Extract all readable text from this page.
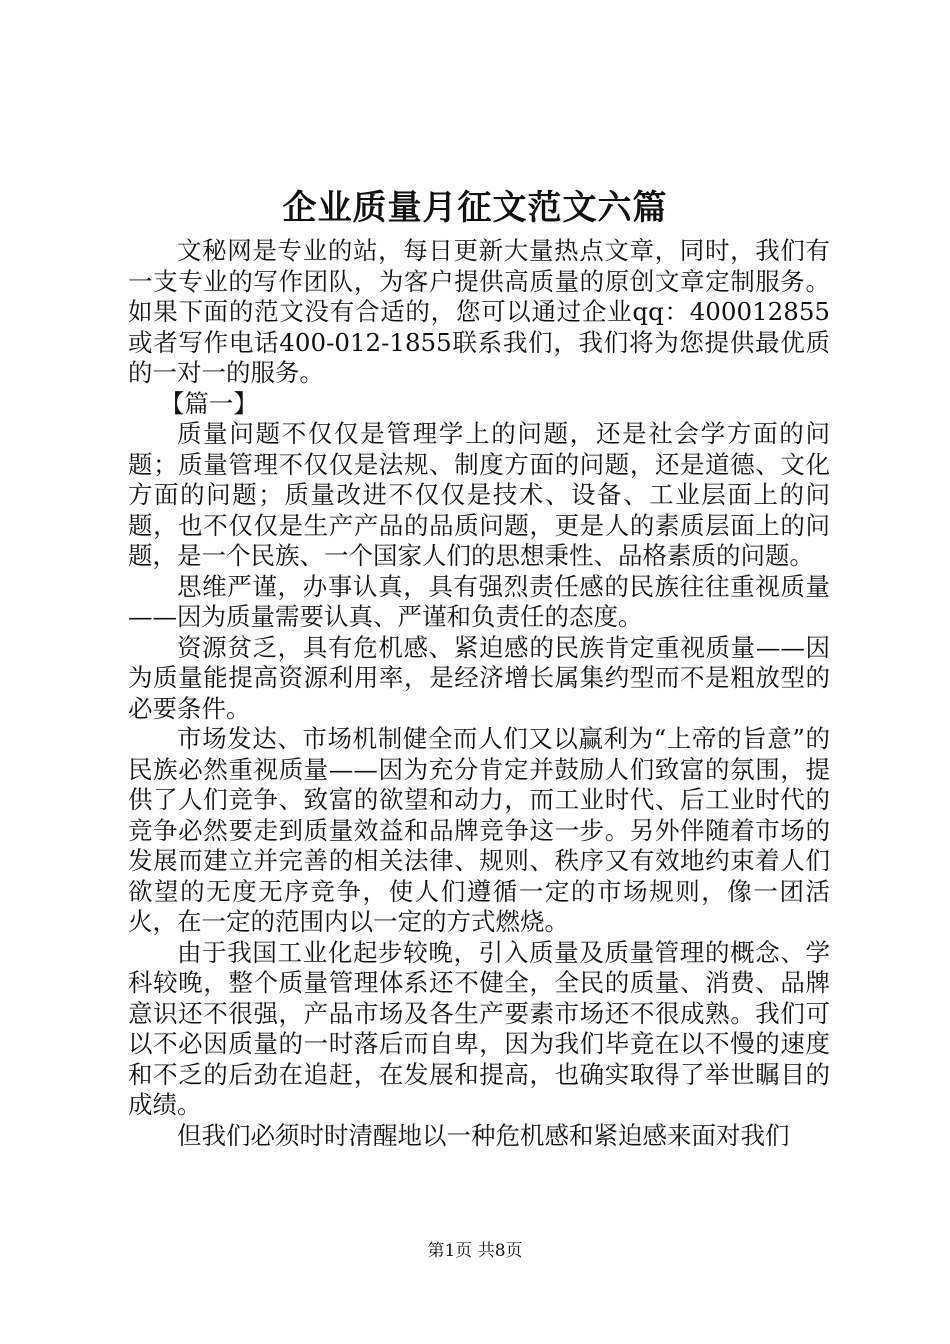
企业质量月征文范文六篇

文秘网是专业的站，每日更新大量热点文章，同时，我们有一支专业的写作团队，为客户提供高质量的原创文章定制服务。如果下面的范文没有合适的，您可以通过企业qq：400012855或者写作电话400-012-1855联系我们，我们将为您提供最优质的一对一的服务。

【篇一】

质量问题不仅仅是管理学上的问题，还是社会学方面的问题；质量管理不仅仅是法规、制度方面的问题，还是道德、文化方面的问题；质量改进不仅仅是技术、设备、工业层面上的问题，也不仅仅是生产产品的品质问题，更是人的素质层面上的问题，是一个民族、一个国家人们的思想秉性、品格素质的问题。

思维严谨，办事认真，具有强烈责任感的民族往往重视质量——因为质量需要认真、严谨和负责任的态度。

资源贫乏，具有危机感、紧迫感的民族肯定重视质量——因为质量能提高资源利用率，是经济增长属集约型而不是粗放型的必要条件。

市场发达、市场机制健全而人们又以赢利为“上帝的旨意”的民族必然重视质量——因为充分肯定并鼓励人们致富的氛围，提供了人们竞争、致富的欲望和动力，而工业时代、后工业时代的竞争必然要走到质量效益和品牌竞争这一步。另外伴随着市场的发展而建立并完善的相关法律、规则、秩序又有效地约束着人们欲望的无度无序竞争，使人们遵循一定的市场规则，像一团活火，在一定的范围内以一定的方式燃烧。

由于我国工业化起步较晚，引入质量及质量管理的概念、学科较晚，整个质量管理体系还不健全，全民的质量、消费、品牌意识还不很强，产品市场及各生产要素市场还不很成熟。我们可以不必因质量的一时落后而自卑，因为我们毕竟在以不慢的速度和不乏的后劲在追赶，在发展和提高，也确实取得了举世瞩目的成绩。

但我们必须时时清醒地以一种危机感和紧迫感来面对我们

第1页 共8页
